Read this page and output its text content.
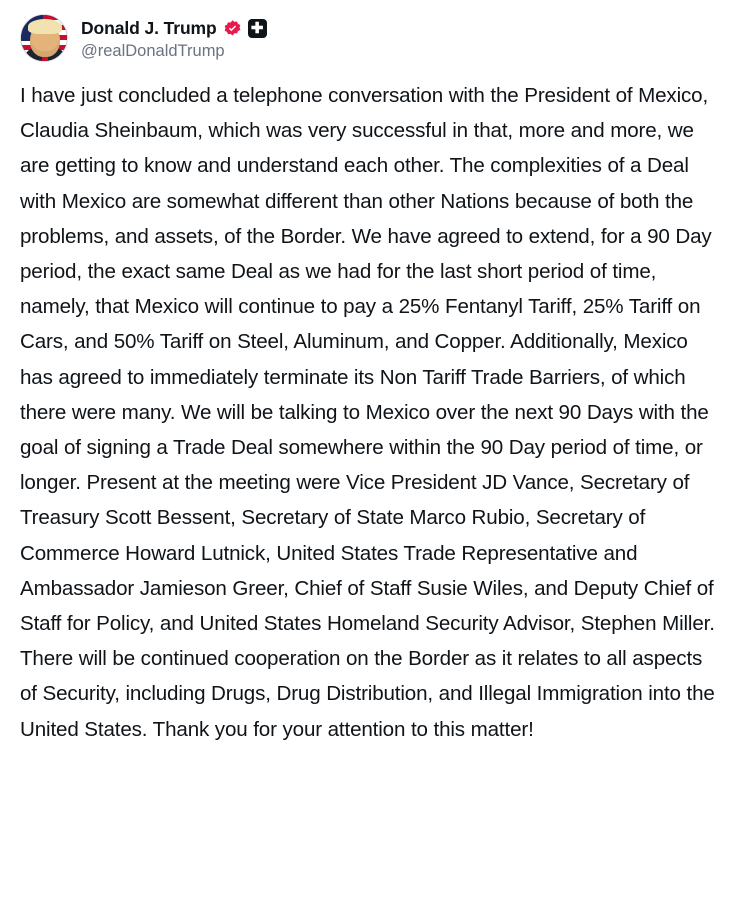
Donald J. Trump ✚
@realDonaldTrump
I have just concluded a telephone conversation with the President of Mexico, Claudia Sheinbaum, which was very successful in that, more and more, we are getting to know and understand each other. The complexities of a Deal with Mexico are somewhat different than other Nations because of both the problems, and assets, of the Border. We have agreed to extend, for a 90 Day period, the exact same Deal as we had for the last short period of time, namely, that Mexico will continue to pay a 25% Fentanyl Tariff, 25% Tariff on Cars, and 50% Tariff on Steel, Aluminum, and Copper. Additionally, Mexico has agreed to immediately terminate its Non Tariff Trade Barriers, of which there were many. We will be talking to Mexico over the next 90 Days with the goal of signing a Trade Deal somewhere within the 90 Day period of time, or longer. Present at the meeting were Vice President JD Vance, Secretary of Treasury Scott Bessent, Secretary of State Marco Rubio, Secretary of Commerce Howard Lutnick, United States Trade Representative and Ambassador Jamieson Greer, Chief of Staff Susie Wiles, and Deputy Chief of Staff for Policy, and United States Homeland Security Advisor, Stephen Miller. There will be continued cooperation on the Border as it relates to all aspects of Security, including Drugs, Drug Distribution, and Illegal Immigration into the United States. Thank you for your attention to this matter!
